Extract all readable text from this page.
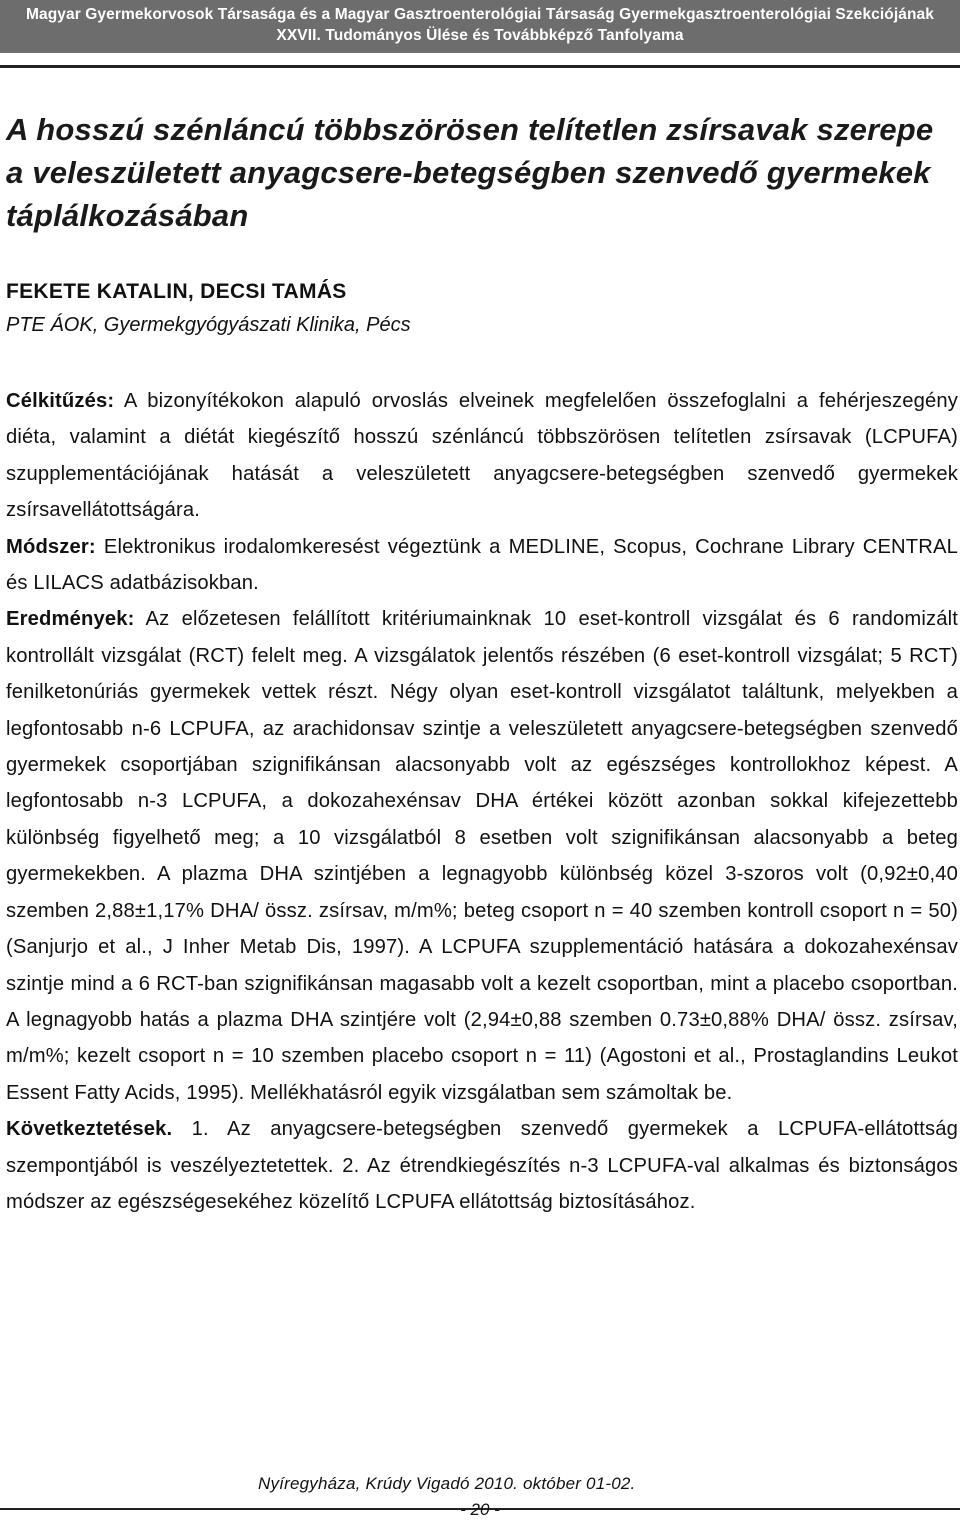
Magyar Gyermekorvosok Társasága és a Magyar Gasztroenterológiai Társaság Gyermekgasztroenterológiai Szekciójának
XXVII. Tudományos Ülése és Továbbképző Tanfolyama
A hosszú szénláncú többszörösen telítetlen zsírsavak szerepe a veleszületett anyagcsere-betegségben szenvedő gyermekek táplálkozásában

FEKETE KATALIN, DECSI TAMÁS

PTE ÁOK, Gyermekgyógyászati Klinika, Pécs

Célkitűzés: A bizonyítékokon alapuló orvoslás elveinek megfelelően összefoglalni a fehérjeszegény diéta, valamint a diétát kiegészítő hosszú szénláncú többszörösen telítetlen zsírsavak (LCPUFA) szupplementációjának hatását a veleszületett anyagcsere-betegségben szenvedő gyermekek zsírsavellátottságára.

Módszer: Elektronikus irodalomkeresést végeztünk a MEDLINE, Scopus, Cochrane Library CENTRAL és LILACS adatbázisokban.

Eredmények: Az előzetesen felállított kritériumainknak 10 eset-kontroll vizsgálat és 6 randomizált kontrollált vizsgálat (RCT) felelt meg. A vizsgálatok jelentős részében (6 eset-kontroll vizsgálat; 5 RCT) fenilketonúriás gyermekek vettek részt. Négy olyan eset-kontroll vizsgálatot találtunk, melyekben a legfontosabb n-6 LCPUFA, az arachidonsav szintje a veleszületett anyagcsere-betegségben szenvedő gyermekek csoportjában szignifikánsan alacsonyabb volt az egészséges kontrollokhoz képest. A legfontosabb n-3 LCPUFA, a dokozahexénsav DHA értékei között azonban sokkal kifejezettebb különbség figyelhető meg; a 10 vizsgálatból 8 esetben volt szignifikánsan alacsonyabb a beteg gyermekekben. A plazma DHA szintjében a legnagyobb különbség közel 3-szoros volt (0,92±0,40 szemben 2,88±1,17% DHA/ össz. zsírsav, m/m%; beteg csoport n = 40 szemben kontroll csoport n = 50) (Sanjurjo et al., J Inher Metab Dis, 1997). A LCPUFA szupplementáció hatására a dokozahexénsav szintje mind a 6 RCT-ban szignifikánsan magasabb volt a kezelt csoportban, mint a placebo csoportban. A legnagyobb hatás a plazma DHA szintjére volt (2,94±0,88 szemben 0.73±0,88% DHA/ össz. zsírsav, m/m%; kezelt csoport n = 10 szemben placebo csoport n = 11) (Agostoni et al., Prostaglandins Leukot Essent Fatty Acids, 1995). Mellékhatásról egyik vizsgálatban sem számoltak be.

Következtetések. 1. Az anyagcsere-betegségben szenvedő gyermekek a LCPUFA-ellátottság szempontjából is veszélyeztetettek. 2. Az étrendkiegészítés n-3 LCPUFA-val alkalmas és biztonságos módszer az egészségesekéhez közelítő LCPUFA ellátottság biztosításához.

Nyíregyháza, Krúdy Vigadó 2010. október 01-02.

- 20 -
